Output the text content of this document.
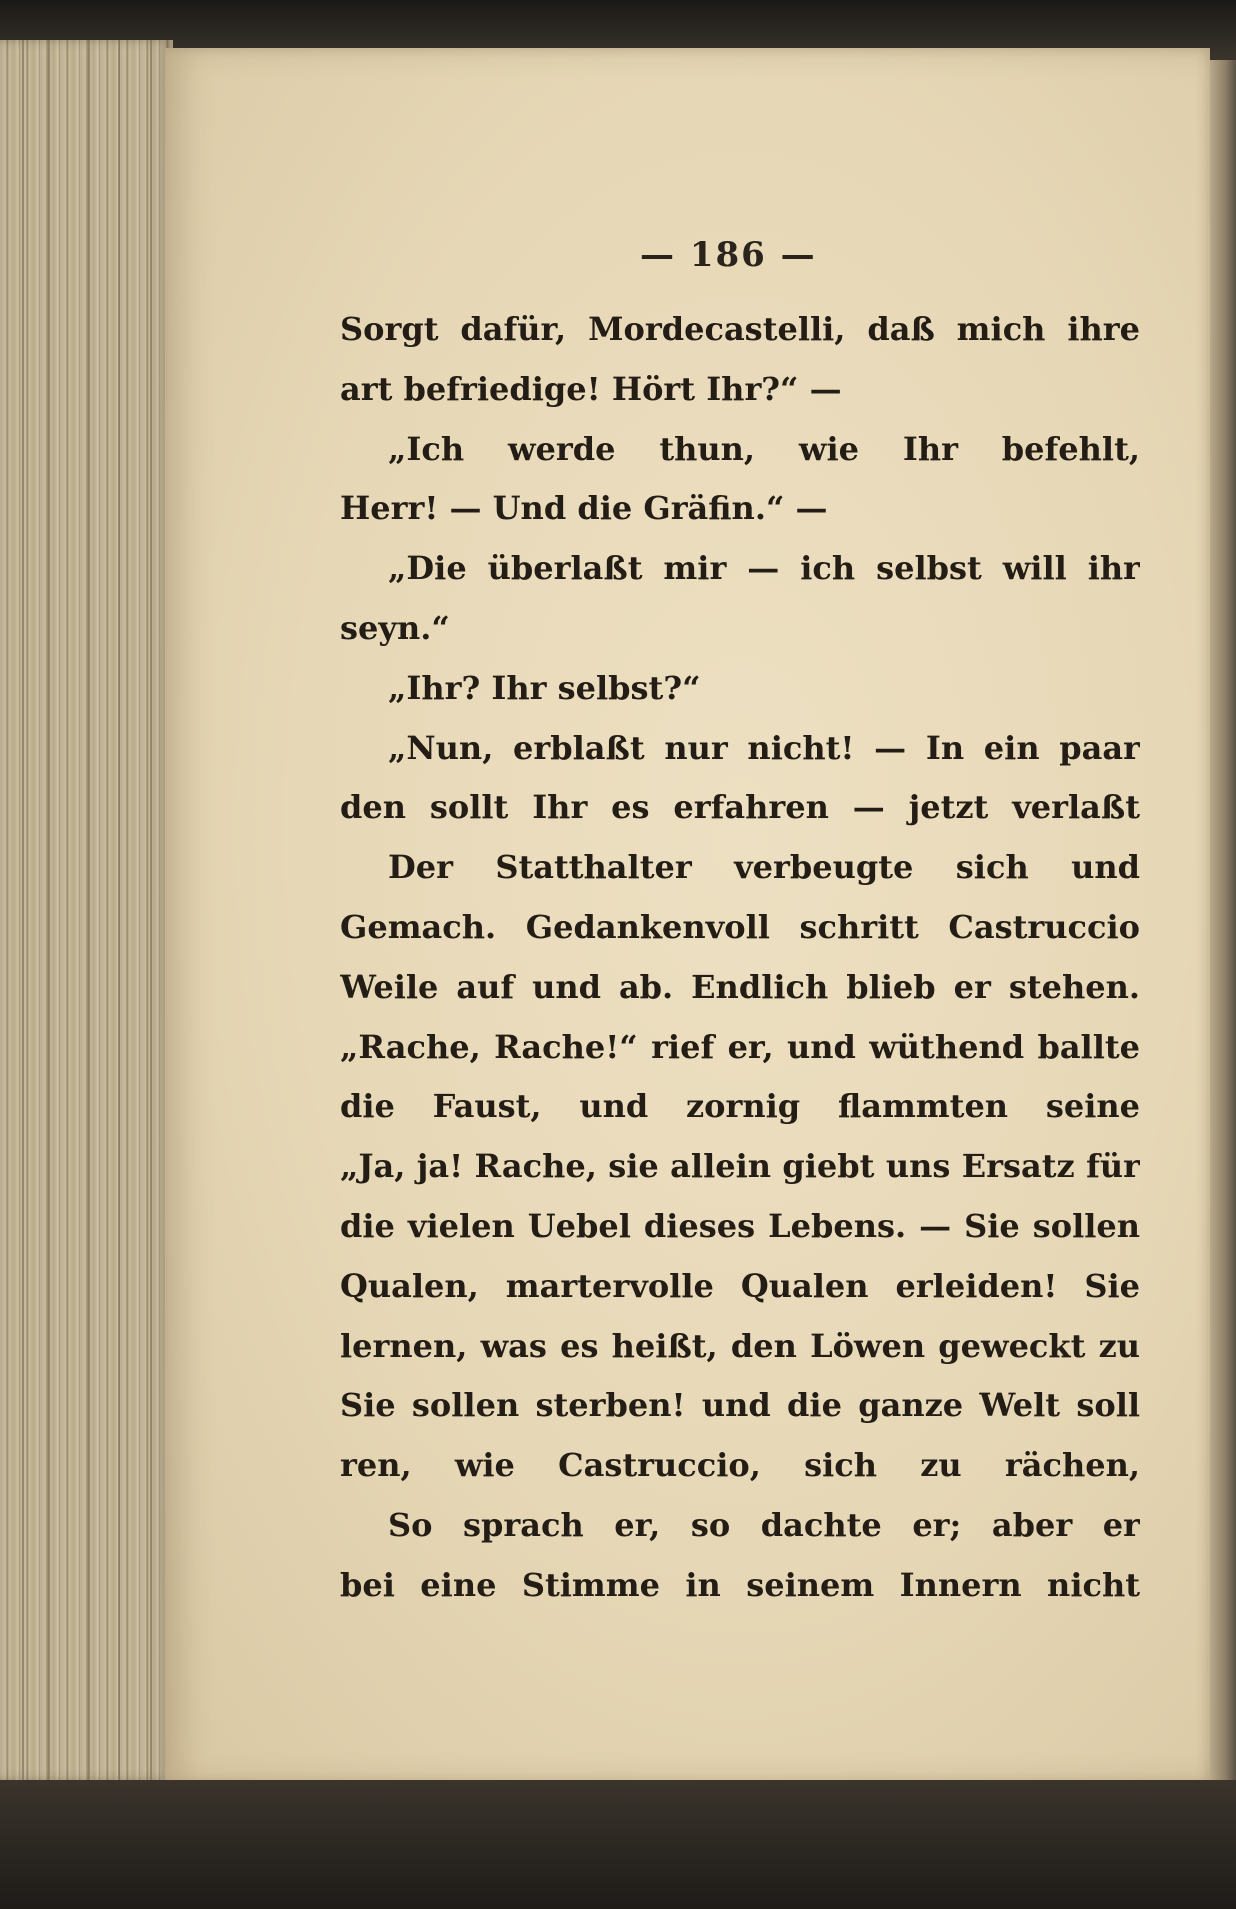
— 186 —
Sorgt dafür, Mordecastelli, daß mich ihre
art befriedige! Hört Ihr?“ —
„Ich werde thun, wie Ihr befehlt,
Herr! — Und die Gräfin.“ —
„Die überlaßt mir — ich selbst will ihr
seyn.“
„Ihr? Ihr selbst?“
„Nun, erblaßt nur nicht! — In ein paar
den sollt Ihr es erfahren — jetzt verlaßt
Der Statthalter verbeugte sich und
Gemach. Gedankenvoll schritt Castruccio
Weile auf und ab. Endlich blieb er stehen.
„Rache, Rache!“ rief er, und wüthend ballte
die Faust, und zornig flammten seine
„Ja, ja! Rache, sie allein giebt uns Ersatz für
die vielen Uebel dieses Lebens. — Sie sollen
Qualen, martervolle Qualen erleiden! Sie
lernen, was es heißt, den Löwen geweckt zu
Sie sollen sterben! und die ganze Welt soll
ren, wie Castruccio, sich zu rächen,
So sprach er, so dachte er; aber er
bei eine Stimme in seinem Innern nicht
